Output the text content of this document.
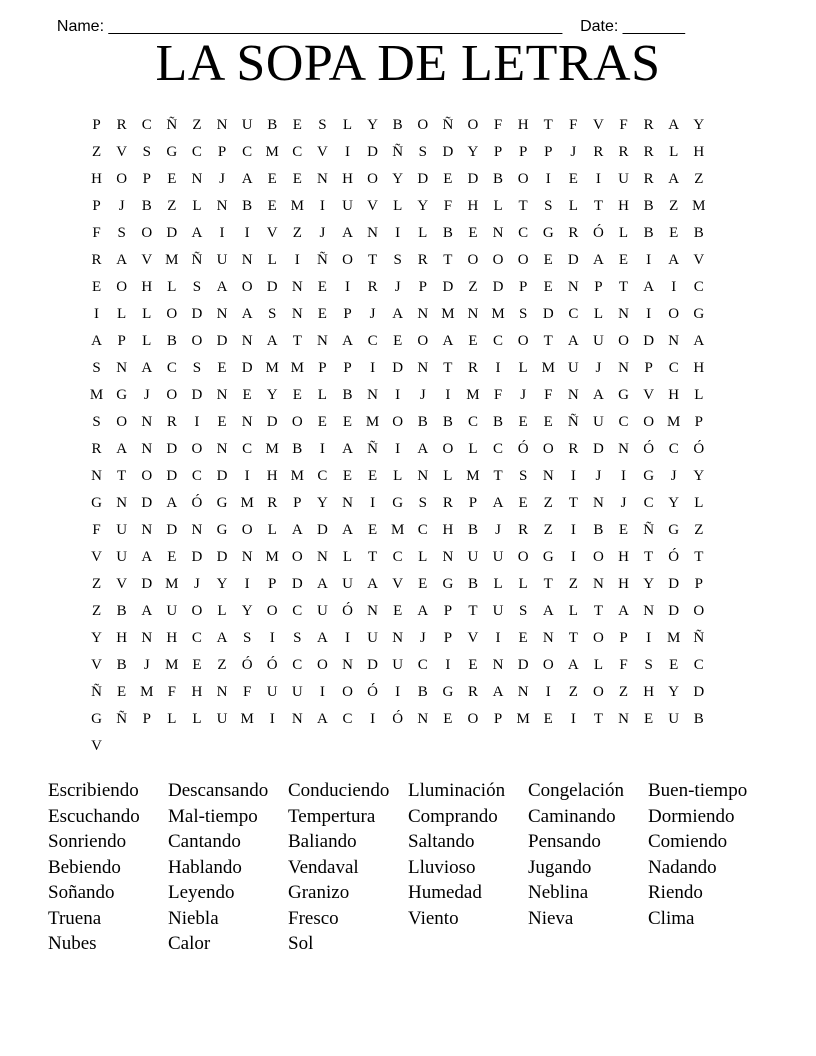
Name: ___________________________________________________ Date: _______

LA SOPA DE LETRAS
P	R	C Ñ	Z	N U B	E	S	L	Y B O Ñ O	F	H	T	F	V	F	R A Y
Z	V	S	G C	P	C M C V	I	D Ñ	S	D Y	P	P	P	J	R	R	R	L	H
H O	P	E	N	J	A	E	E	N H O Y D	E	D B O	I	E	I	U R A	Z
P	J	B	Z	L	N B	E M	I	U V	L	Y	F	H	L	T	S	L	T	H B	Z M
F	S	O D A	I	I	V	Z	J	A N	I	L	B	E	N C G R Ó	L	B	E	B
R A V M Ñ U N	L	I	Ñ O	T	S	R	T	O O O	E	D A	E	I	A V
E	O H	L	S	A O D N	E	I	R	J	P	D	Z	D	P	E	N	P	T	A	I	C
I	L	L	O D N A	S	N	E	P	J	A N M N M S	D C	L	N	I	O G
A	P	L	B O D N A	T	N A C	E	O A	E	C O	T	A U O D N A
S	N A C	S	E	D M M P	P	I	D N	T	R	I	L M U	J	N	P	C H
M G	J	O D N	E	Y	E	L	B N	I	J	I	M F	J	F	N A G V H	L
S	O N R	I	E	N D O	E	E M O B	B	C	B	E	E	Ñ U C O M P
R A N D O N C M B	I	A Ñ	I	A O	L	C Ó O R D N Ó C Ó
N	T	O D C D	I	H M C	E	E	L	N	L M T	S	N	I	J	I	G	J	Y
G N D A Ó G M R	P	Y N	I	G	S	R	P	A	E	Z	T	N	J	C Y	L
F	U N D N G O	L	A D A	E M C H B	J	R	Z	I	B	E	Ñ G	Z
V U A	E	D D N M O N	L	T	C	L	N U U O G	I	O H	T	Ó	T
Z	V D M	J	Y	I	P	D A U A V	E	G B	L	L	T	Z	N H Y D	P
Z	B A U O	L	Y O C U Ó N	E	A	P	T	U	S	A	L	T	A N D O
Y H N H C A	S	I	S	A	I	U N	J	P	V	I	E	N	T	O	P	I	M Ñ
V B	J	M E	Z	Ó Ó C O N D U C	I	E	N D O A	L	F	S	E	C
Ñ	E M F	H N	F	U U	I	O Ó	I	B G R A N	I	Z	O	Z	H Y D
G Ñ	P	L	L	U M	I	N A C	I	Ó N	E	O	P M E	I	T	N	E	U B
V
Escribiendo	Descansando	Conduciendo Lluminación	Congelación	Buen-tiempo
Escuchando	Mal-tiempo	Tempertura	Comprando	Caminando	Dormiendo
Sonriendo	Cantando	Baliando	Saltando	Pensando	Comiendo
Bebiendo	Hablando	Vendaval	Lluvioso	Jugando	Nadando
Soñando	Leyendo	Granizo	Humedad	Neblina	Riendo
Truena	Niebla	Fresco	Viento	Nieva	Clima
Nubes	Calor	Sol
